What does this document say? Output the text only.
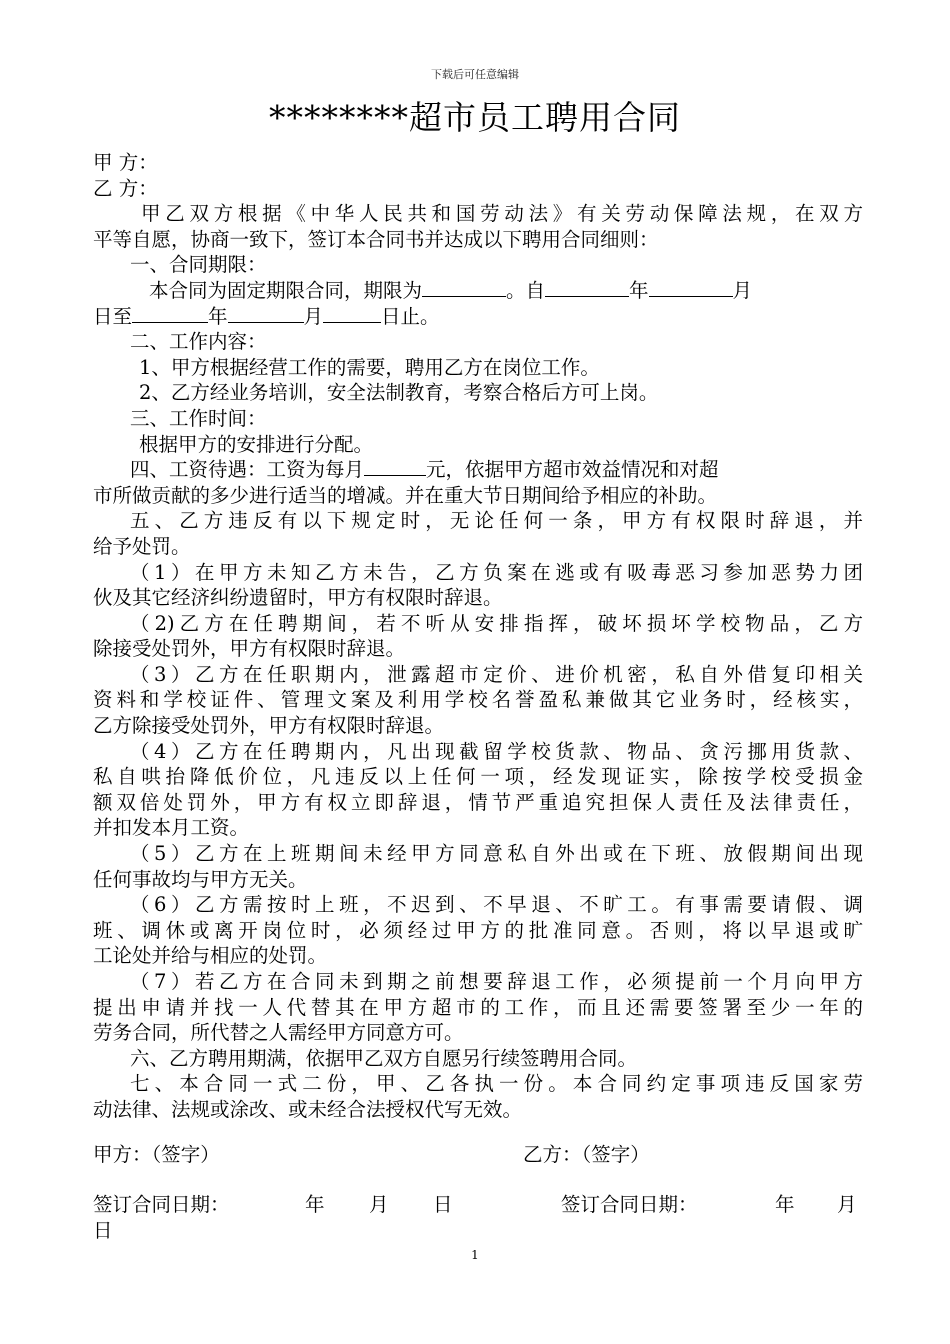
下载后可任意编辑
********超市员工聘用合同
甲 方：
乙 方：
甲乙双方根据《中华人民共和国劳动法》有关劳动保障法规，在双方
平等自愿，协商一致下，签订本合同书并达成以下聘用合同细则：
一、合同期限：
本合同为固定期限合同，期限为	。自	年	月
日至	年	月	日止。
二、工作内容：
1、甲方根据经营工作的需要，聘用乙方在岗位工作。
2、乙方经业务培训，安全法制教育，考察合格后方可上岗。
三、工作时间：
根据甲方的安排进行分配。
四、工资待遇：工资为每月	元，依据甲方超市效益情况和对超
市所做贡献的多少进行适当的增减。并在重大节日期间给予相应的补助。
五、乙方违反有以下规定时，无论任何一条，甲方有权限时辞退，并
给予处罚。
（1）在甲方未知乙方未告，乙方负案在逃或有吸毒恶习参加恶势力团
伙及其它经济纠纷遗留时，甲方有权限时辞退。
（2)乙方在任聘期间，若不听从安排指挥，破坏损坏学校物品，乙方
除接受处罚外，甲方有权限时辞退。
（3）乙方在任职期内，泄露超市定价、进价机密，私自外借复印相关
资料和学校证件、管理文案及利用学校名誉盈私兼做其它业务时，经核实，
乙方除接受处罚外，甲方有权限时辞退。
（4）乙方在任聘期内，凡出现截留学校货款、物品、贪污挪用货款、
私自哄抬降低价位，凡违反以上任何一项，经发现证实，除按学校受损金
额双倍处罚外，甲方有权立即辞退，情节严重追究担保人责任及法律责任，
并扣发本月工资。
（5）乙方在上班期间未经甲方同意私自外出或在下班、放假期间出现
任何事故均与甲方无关。
（6）乙方需按时上班，不迟到、不早退、不旷工。有事需要请假、调
班、调休或离开岗位时，必须经过甲方的批准同意。否则，将以早退或旷
工论处并给与相应的处罚。
（7）若乙方在合同未到期之前想要辞退工作，必须提前一个月向甲方
提出申请并找一人代替其在甲方超市的工作，而且还需要签署至少一年的
劳务合同，所代替之人需经甲方同意方可。
六、乙方聘用期满，依据甲乙双方自愿另行续签聘用合同。
七、本合同一式二份，甲、乙各执一份。本合同约定事项违反国家劳
动法律、法规或涂改、或未经合法授权代写无效。
甲方：（签字）	乙方：（签字）
签订合同日期：	年 月 日	签订合同日期：	年 月
日
1
